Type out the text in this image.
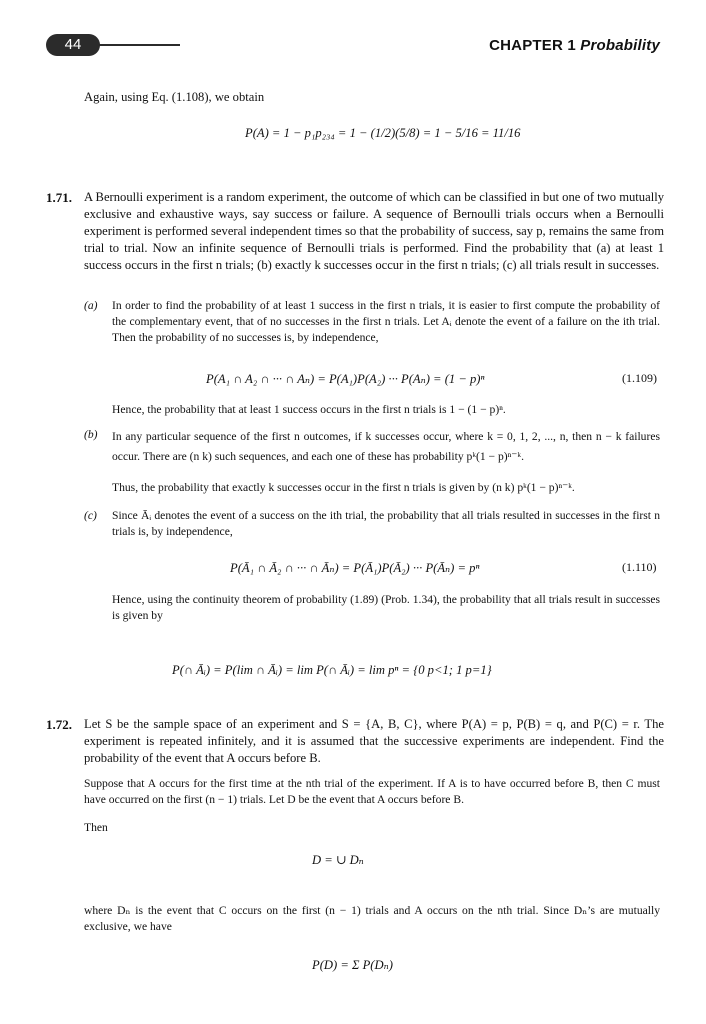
44	CHAPTER 1 Probability
Again, using Eq. (1.108), we obtain
P(A) = 1 − p₁p₂₃₄ = 1 − (1/2)(5/8) = 1 − 5/16 = 11/16
1.71. A Bernoulli experiment is a random experiment, the outcome of which can be classified in but one of two mutually exclusive and exhaustive ways, say success or failure. A sequence of Bernoulli trials occurs when a Bernoulli experiment is performed several independent times so that the probability of success, say p, remains the same from trial to trial. Now an infinite sequence of Bernoulli trials is performed. Find the probability that (a) at least 1 success occurs in the first n trials; (b) exactly k successes occur in the first n trials; (c) all trials result in successes.
(a) In order to find the probability of at least 1 success in the first n trials, it is easier to first compute the probability of the complementary event, that of no successes in the first n trials. Let Aᵢ denote the event of a failure on the ith trial. Then the probability of no successes is, by independence,
P(A₁ ∩ A₂ ∩ ··· ∩ Aₙ) = P(A₁)P(A₂) ··· P(Aₙ) = (1 − p)ⁿ	(1.109)
Hence, the probability that at least 1 success occurs in the first n trials is 1 − (1 − p)ⁿ.
(b) In any particular sequence of the first n outcomes, if k successes occur, where k = 0, 1, 2, ..., n, then n − k failures occur. There are (n k) such sequences, and each one of these has probability pᵏ(1 − p)ⁿ⁻ᵏ.
Thus, the probability that exactly k successes occur in the first n trials is given by (n k) pᵏ(1 − p)ⁿ⁻ᵏ.
(c) Since Āᵢ denotes the event of a success on the ith trial, the probability that all trials resulted in successes in the first n trials is, by independence,
P(Ā₁ ∩ Ā₂ ∩ ··· ∩ Āₙ) = P(Ā₁)P(Ā₂) ··· P(Āₙ) = pⁿ	(1.110)
Hence, using the continuity theorem of probability (1.89) (Prob. 1.34), the probability that all trials result in successes is given by
P(∩ Āᵢ) = P(lim ∩ Āᵢ) = lim P(∩ Āᵢ) = lim pⁿ = {0 p<1; 1 p=1}
1.72. Let S be the sample space of an experiment and S = {A, B, C}, where P(A) = p, P(B) = q, and P(C) = r. The experiment is repeated infinitely, and it is assumed that the successive experiments are independent. Find the probability of the event that A occurs before B.
Suppose that A occurs for the first time at the nth trial of the experiment. If A is to have occurred before B, then C must have occurred on the first (n − 1) trials. Let D be the event that A occurs before B.
Then
D = ∪ Dₙ
where Dₙ is the event that C occurs on the first (n − 1) trials and A occurs on the nth trial. Since Dₙ’s are mutually exclusive, we have
P(D) = Σ P(Dₙ)
